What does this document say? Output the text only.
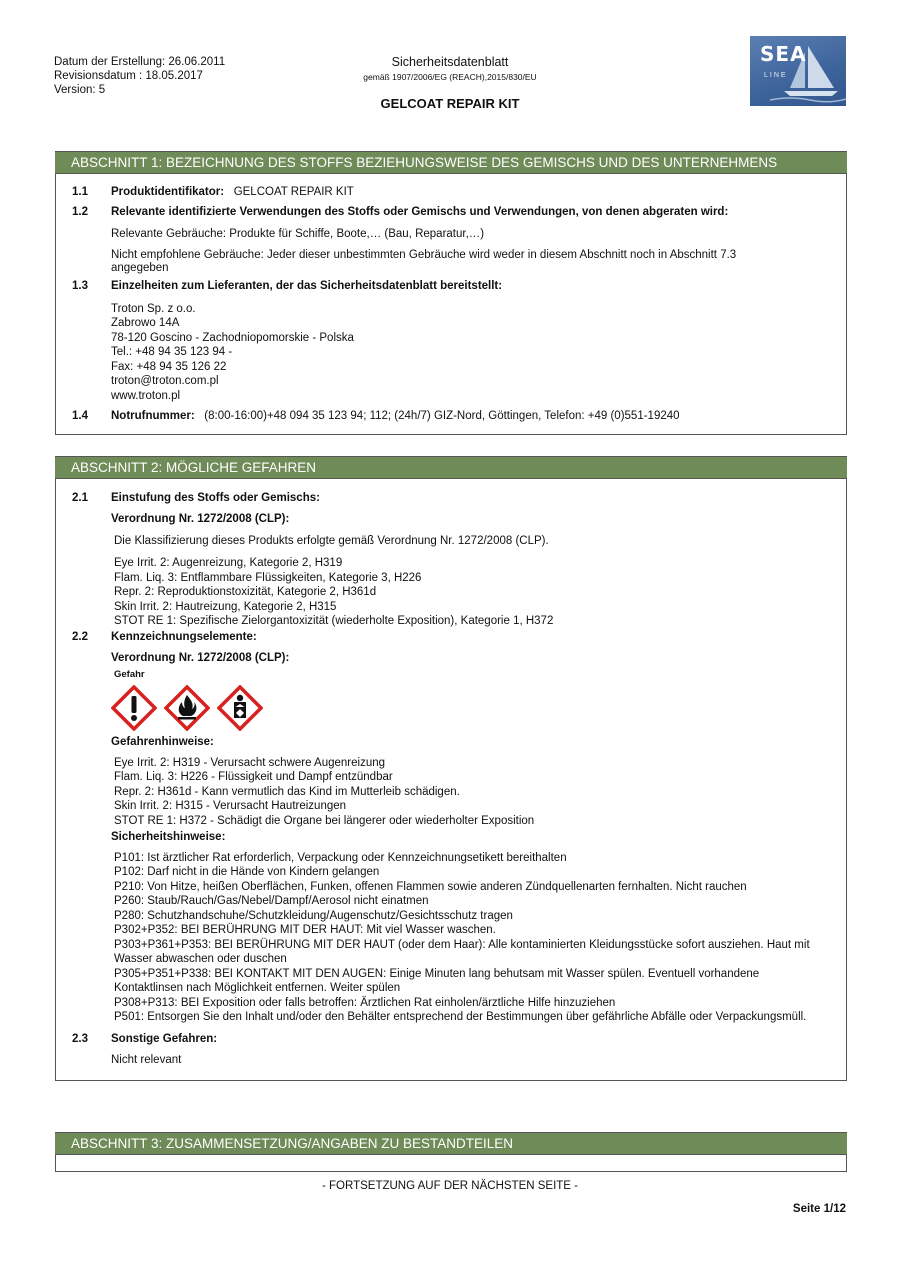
Datum der Erstellung: 26.06.2011
Revisionsdatum : 18.05.2017
Version: 5
Sicherheitsdatenblatt
gemäß 1907/2006/EG (REACH),2015/830/EU
GELCOAT REPAIR KIT
SEA
LINE
ABSCHNITT 1: BEZEICHNUNG DES STOFFS BEZIEHUNGSWEISE DES GEMISCHS UND DES UNTERNEHMENS
1.1 Produktidentifikator: GELCOAT REPAIR KIT
1.2 Relevante identifizierte Verwendungen des Stoffs oder Gemischs und Verwendungen, von denen abgeraten wird:
Relevante Gebräuche: Produkte für Schiffe, Boote,… (Bau, Reparatur,…)
Nicht empfohlene Gebräuche: Jeder dieser unbestimmten Gebräuche wird weder in diesem Abschnitt noch in Abschnitt 7.3 angegeben
1.3 Einzelheiten zum Lieferanten, der das Sicherheitsdatenblatt bereitstellt:
Troton Sp. z o.o.
Zabrowo 14A
78-120 Goscino - Zachodniopomorskie - Polska
Tel.: +48 94 35 123 94 -
Fax: +48 94 35 126 22
troton@troton.com.pl
www.troton.pl
1.4 Notrufnummer: (8:00-16:00)+48 094 35 123 94; 112; (24h/7) GIZ-Nord, Göttingen, Telefon: +49 (0)551-19240
ABSCHNITT 2: MÖGLICHE GEFAHREN
2.1 Einstufung des Stoffs oder Gemischs:
Verordnung Nr. 1272/2008 (CLP):
Die Klassifizierung dieses Produkts erfolgte gemäß Verordnung Nr. 1272/2008 (CLP).
Eye Irrit. 2: Augenreizung, Kategorie 2, H319
Flam. Liq. 3: Entflammbare Flüssigkeiten, Kategorie 3, H226
Repr. 2: Reproduktionstoxizität, Kategorie 2, H361d
Skin Irrit. 2: Hautreizung, Kategorie 2, H315
STOT RE 1: Spezifische Zielorgantoxizität (wiederholte Exposition), Kategorie 1, H372
2.2 Kennzeichnungselemente:
Verordnung Nr. 1272/2008 (CLP):
Gefahr

Gefahrenhinweise:
Eye Irrit. 2: H319 - Verursacht schwere Augenreizung
Flam. Liq. 3: H226 - Flüssigkeit und Dampf entzündbar
Repr. 2: H361d - Kann vermutlich das Kind im Mutterleib schädigen.
Skin Irrit. 2: H315 - Verursacht Hautreizungen
STOT RE 1: H372 - Schädigt die Organe bei längerer oder wiederholter Exposition
Sicherheitshinweise:
P101: Ist ärztlicher Rat erforderlich, Verpackung oder Kennzeichnungsetikett bereithalten
P102: Darf nicht in die Hände von Kindern gelangen
P210: Von Hitze, heißen Oberflächen, Funken, offenen Flammen sowie anderen Zündquellenarten fernhalten. Nicht rauchen
P260: Staub/Rauch/Gas/Nebel/Dampf/Aerosol nicht einatmen
P280: Schutzhandschuhe/Schutzkleidung/Augenschutz/Gesichtsschutz tragen
P302+P352: BEI BERÜHRUNG MIT DER HAUT: Mit viel Wasser waschen.
P303+P361+P353: BEI BERÜHRUNG MIT DER HAUT (oder dem Haar): Alle kontaminierten Kleidungsstücke sofort ausziehen. Haut mit Wasser abwaschen oder duschen
P305+P351+P338: BEI KONTAKT MIT DEN AUGEN: Einige Minuten lang behutsam mit Wasser spülen. Eventuell vorhandene Kontaktlinsen nach Möglichkeit entfernen. Weiter spülen
P308+P313: BEI Exposition oder falls betroffen: Ärztlichen Rat einholen/ärztliche Hilfe hinzuziehen
P501: Entsorgen Sie den Inhalt und/oder den Behälter entsprechend der Bestimmungen über gefährliche Abfälle oder Verpackungsmüll.
2.3 Sonstige Gefahren:
Nicht relevant
ABSCHNITT 3: ZUSAMMENSETZUNG/ANGABEN ZU BESTANDTEILEN
- FORTSETZUNG AUF DER NÄCHSTEN SEITE -
Seite 1/12
